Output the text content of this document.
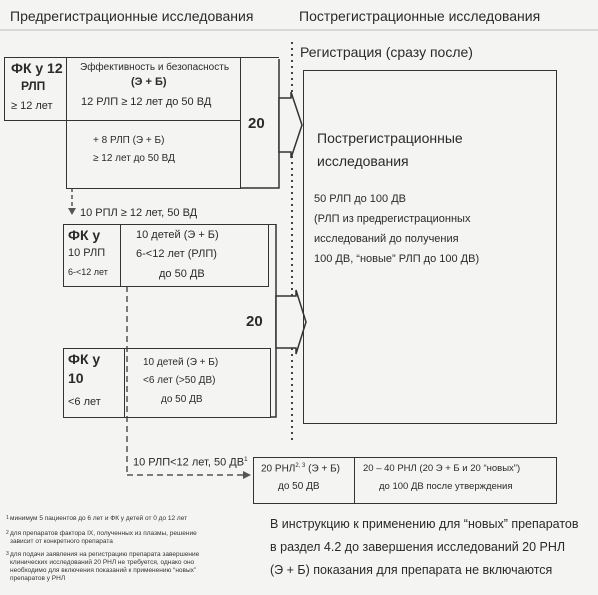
Предрегистрационные исследования	Пострегистрационные исследования
Регистрация (сразу после)
ФК у 12
РЛП
≥ 12 лет
Эффективность и безопасность
(Э + Б)
12 РЛП ≥ 12 лет до 50 ВД
+ 8 РЛП (Э + Б)
≥ 12 лет до 50 ВД
20
10 РПЛ ≥ 12 лет, 50 ВД
ФК у
10 РЛП
6-<12 лет
10 детей (Э + Б)
6-<12 лет (РЛП)
до 50 ДВ
ФК у
10
<6 лет
10 детей (Э + Б)
<6 лет (>50 ДВ)
до 50 ДВ
20
Пострегистрационные
исследования
50 РЛП до 100 ДВ
(РЛП из предрегистрационных
исследований до получения
100 ДВ, “новые” РЛП до 100 ДВ)
10 РЛП<12 лет, 50 $ДВ^1$
20 РНЛ$^{2, 3}$ (Э + Б)
до 50 ДВ
20 – 40 РНЛ (20 Э + Б и 20 “новых”)
до 100 ДВ после утверждения
$^1$ минимум 5 пациентов до 6 лет и ФК у детей от 0 до 12 лет
$^2$ для препаратов фактора IX, полученных из плазмы, решение
зависит от конкретного препарата
$^3$ для подачи заявления на регистрацию препарата завершение
клинических исследований 20 РНЛ не требуется, однако оно
необходимо для включения показаний к применению “новых”
препаратов у РНЛ
В инструкцию к применению для “новых” препаратов
в раздел 4.2 до завершения исследований 20 РНЛ
(Э + Б) показания для препарата не включаются
